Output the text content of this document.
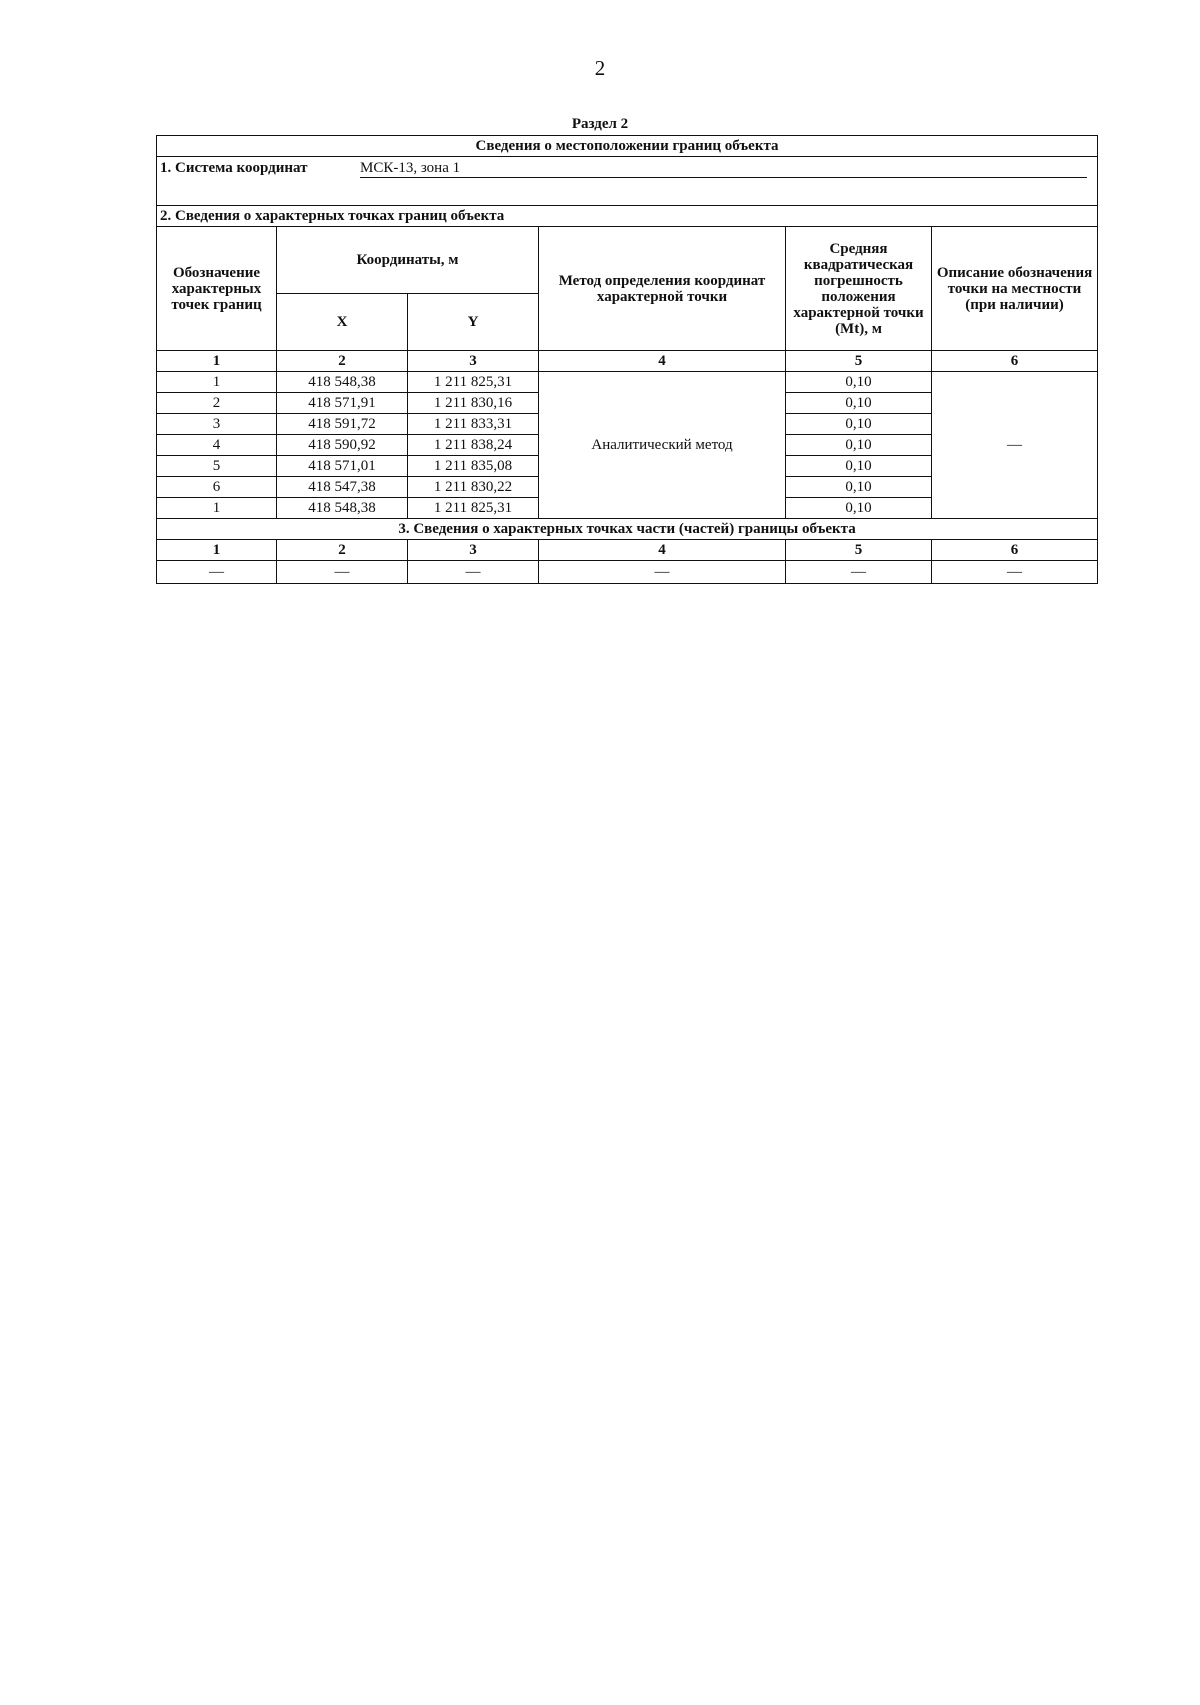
2
Раздел 2
Сведения о местоположении границ объекта					
1. Система координат МСК-13, зона 1					
2. Сведения о характерных точках границ объекта					
Обозначение характерных точек границ	Координаты, м		Метод определения координат характерной точки	Средняя квадратическая погрешность положения характерной точки (Mt), м	Описание обозначения точки на местности (при наличии)
	X	Y			
1	2	3	4	5	6
1	418 548,38	1 211 825,31	Аналитический метод	0,10	—
2	418 571,91	1 211 830,16		0,10	
3	418 591,72	1 211 833,31		0,10	
4	418 590,92	1 211 838,24		0,10	
5	418 571,01	1 211 835,08		0,10	
6	418 547,38	1 211 830,22		0,10	
1	418 548,38	1 211 825,31		0,10	
3. Сведения о характерных точках части (частей) границы объекта					
1	2	3	4	5	6
—	—	—	—	—	—
